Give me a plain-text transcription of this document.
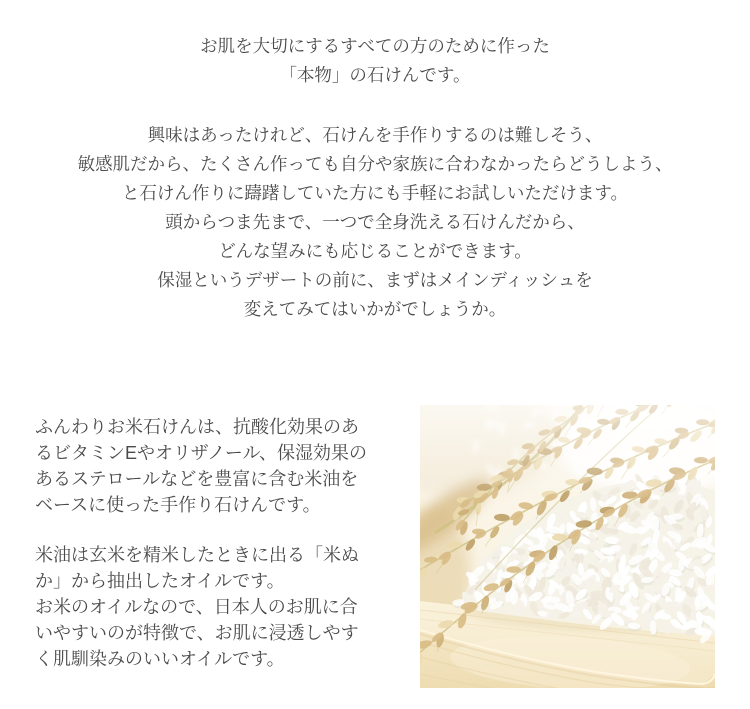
お肌を大切にするすべての方のために作った
「本物」の石けんです。
興味はあったけれど、石けんを手作りするのは難しそう、
敏感肌だから、たくさん作っても自分や家族に合わなかったらどうしよう、
と石けん作りに躊躇していた方にも手軽にお試しいただけます。
頭からつま先まで、一つで全身洗える石けんだから、
どんな望みにも応じることができます。
保湿というデザートの前に、まずはメインディッシュを
変えてみてはいかがでしょうか。
ふんわりお米石けんは、抗酸化効果のあ
るビタミンEやオリザノール、保湿効果の
あるステロールなどを豊富に含む米油を
ベースに使った手作り石けんです。
米油は玄米を精米したときに出る「米ぬ
か」から抽出したオイルです。
お米のオイルなので、日本人のお肌に合
いやすいのが特徴で、お肌に浸透しやす
く肌馴染みのいいオイルです。
